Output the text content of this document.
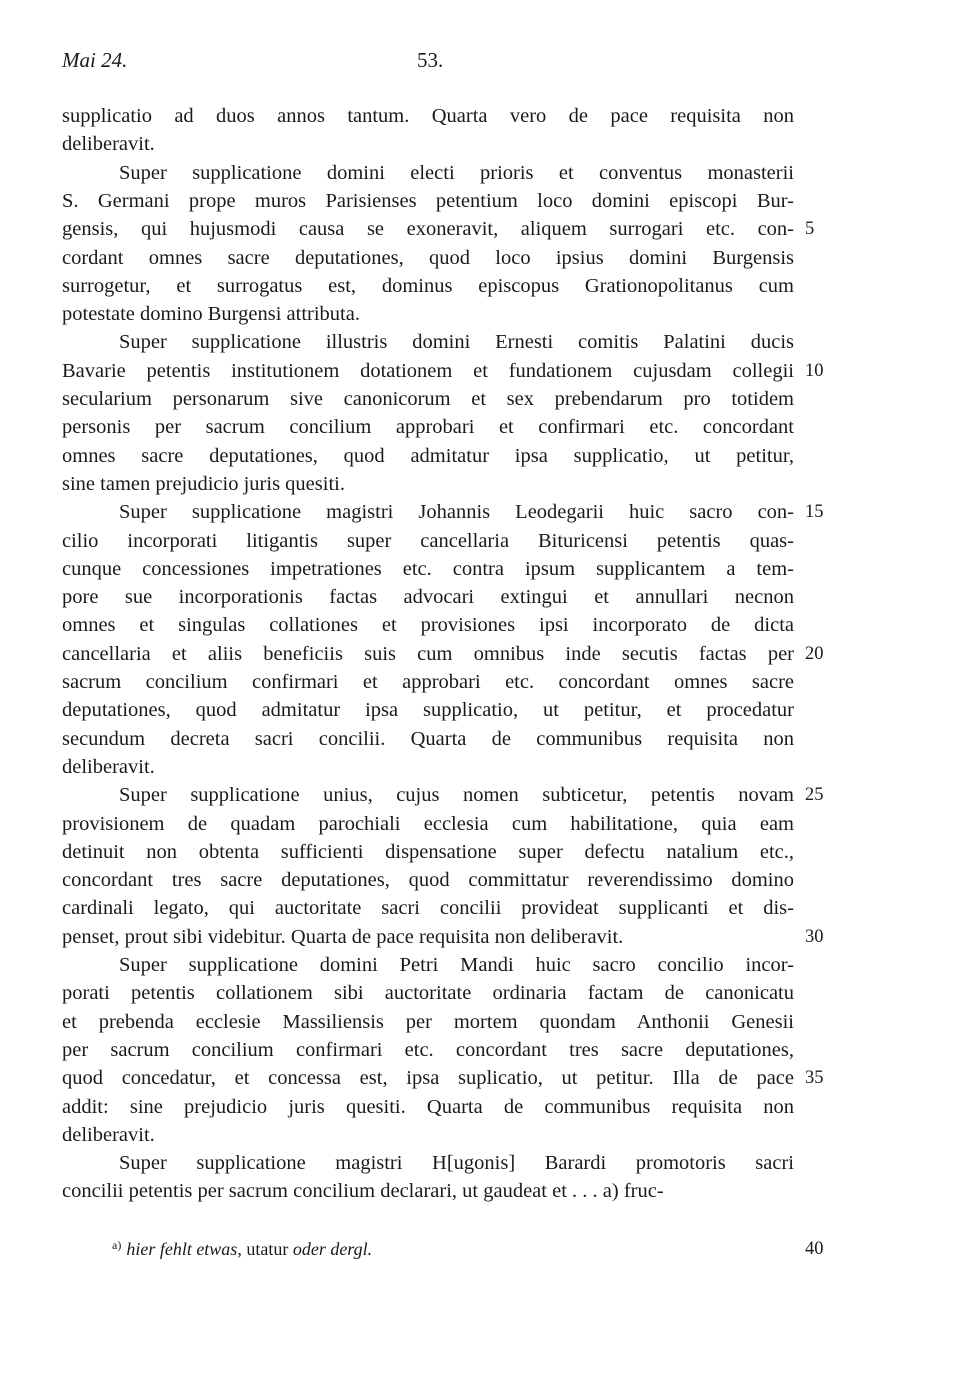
Mai 24.	53.
supplicatio ad duos annos tantum. Quarta vero de pace requisita non
deliberavit.
Super supplicatione domini electi prioris et conventus monasterii
S. Germani prope muros Parisienses petentium loco domini episcopi Bur-
gensis, qui hujusmodi causa se exoneravit, aliquem surrogari etc. con-
cordant omnes sacre deputationes, quod loco ipsius domini Burgensis
surrogetur, et surrogatus est, dominus episcopus Grationopolitanus cum
potestate domino Burgensi attributa.
Super supplicatione illustris domini Ernesti comitis Palatini ducis
Bavarie petentis institutionem dotationem et fundationem cujusdam collegii
secularium personarum sive canonicorum et sex prebendarum pro totidem
personis per sacrum concilium approbari et confirmari etc. concordant
omnes sacre deputationes, quod admitatur ipsa supplicatio, ut petitur,
sine tamen prejudicio juris quesiti.
Super supplicatione magistri Johannis Leodegarii huic sacro con-
cilio incorporati litigantis super cancellaria Bituricensi petentis quas-
cunque concessiones impetrationes etc. contra ipsum supplicantem a tem-
pore sue incorporationis factas advocari extingui et annullari necnon
omnes et singulas collationes et provisiones ipsi incorporato de dicta
cancellaria et aliis beneficiis suis cum omnibus inde secutis factas per
sacrum concilium confirmari et approbari etc. concordant omnes sacre
deputationes, quod admitatur ipsa supplicatio, ut petitur, et procedatur
secundum decreta sacri concilii. Quarta de communibus requisita non
deliberavit.
Super supplicatione unius, cujus nomen subticetur, petentis novam
provisionem de quadam parochiali ecclesia cum habilitatione, quia eam
detinuit non obtenta sufficienti dispensatione super defectu natalium etc.,
concordant tres sacre deputationes, quod committatur reverendissimo domino
cardinali legato, qui auctoritate sacri concilii provideat supplicanti et dis-
penset, prout sibi videbitur. Quarta de pace requisita non deliberavit.
Super supplicatione domini Petri Mandi huic sacro concilio incor-
porati petentis collationem sibi auctoritate ordinaria factam de canonicatu
et prebenda ecclesie Massiliensis per mortem quondam Anthonii Genesii
per sacrum concilium confirmari etc. concordant tres sacre deputationes,
quod concedatur, et concessa est, ipsa suplicatio, ut petitur. Illa de pace
addit: sine prejudicio juris quesiti. Quarta de communibus requisita non
deliberavit.
Super supplicatione magistri H[ugonis] Barardi promotoris sacri
concilii petentis per sacrum concilium declarari, ut gaudeat et . . . a) fruc-
5
10
15
20
25
30
35
$^{a)}$ hier fehlt etwas, utatur oder dergl.	40
